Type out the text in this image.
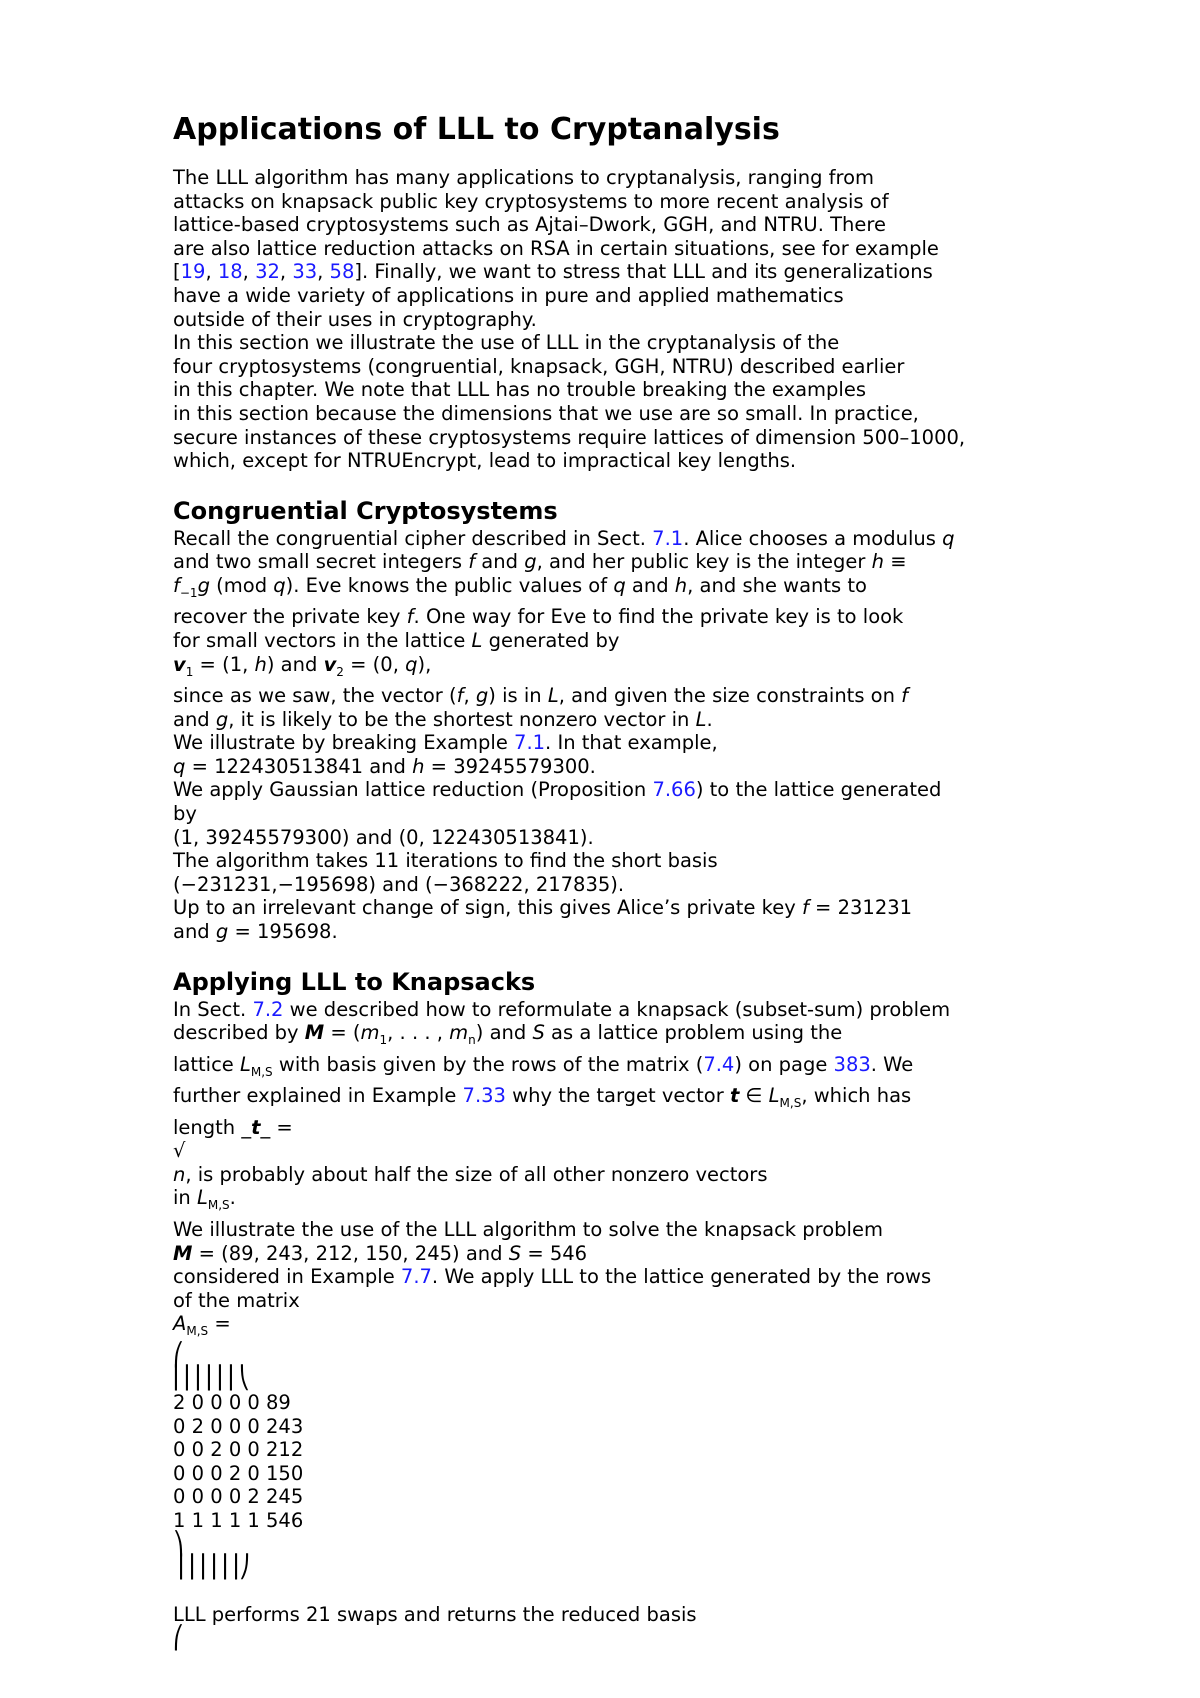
Applications of LLL to Cryptanalysis
The LLL algorithm has many applications to cryptanalysis, ranging from
attacks on knapsack public key cryptosystems to more recent analysis of
lattice-based cryptosystems such as Ajtai–Dwork, GGH, and NTRU. There
are also lattice reduction attacks on RSA in certain situations, see for example
[19, 18, 32, 33, 58]. Finally, we want to stress that LLL and its generalizations
have a wide variety of applications in pure and applied mathematics
outside of their uses in cryptography.
In this section we illustrate the use of LLL in the cryptanalysis of the
four cryptosystems (congruential, knapsack, GGH, NTRU) described earlier
in this chapter. We note that LLL has no trouble breaking the examples
in this section because the dimensions that we use are so small. In practice,
secure instances of these cryptosystems require lattices of dimension 500–1000,
which, except for NTRUEncrypt, lead to impractical key lengths.
Congruential Cryptosystems
Recall the congruential cipher described in Sect. 7.1. Alice chooses a modulus q
and two small secret integers f and g, and her public key is the integer h ≡
$f_{-1}g$ (mod q). Eve knows the public values of q and h, and she wants to
recover the private key f. One way for Eve to find the private key is to look
for small vectors in the lattice L generated by
$v_1 = (1$, h) and $v_2 = (0$, q),
since as we saw, the vector (f, g) is in L, and given the size constraints on f
and g, it is likely to be the shortest nonzero vector in L.
We illustrate by breaking Example 7.1. In that example,
q = 122430513841 and h = 39245579300.
We apply Gaussian lattice reduction (Proposition 7.66) to the lattice generated
by
(1, 39245579300) and (0, 122430513841).
The algorithm takes 11 iterations to find the short basis
(−231231,−195698) and (−368222, 217835).
Up to an irrelevant change of sign, this gives Alice’s private key f = 231231
and g = 195698.
Applying LLL to Knapsacks
In Sect. 7.2 we described how to reformulate a knapsack (subset-sum) problem
described by $M = (m_1$, . . . , $m_n$) and S as a lattice problem using the
lattice $L_{M,S}$ with basis given by the rows of the matrix (7.4) on page 383. We
further explained in Example 7.33 why the target vector t ∈ $L_{M,S}$, which has
length _t_ =
√
n, is probably about half the size of all other nonzero vectors
in $L_{M,S}$.
We illustrate the use of the LLL algorithm to solve the knapsack problem
M = (89, 243, 212, 150, 245) and S = 546
considered in Example 7.7. We apply LLL to the lattice generated by the rows
of the matrix
$A_{M,S}$ =
⎛
⎜⎜⎜⎜⎜⎜⎝
2 0 0 0 0 89
0 2 0 0 0 243
0 0 2 0 0 212
0 0 0 2 0 150
0 0 0 0 2 245
1 1 1 1 1 546
⎞
⎟⎟⎟⎟⎟⎟⎠

LLL performs 21 swaps and returns the reduced basis
⎛
